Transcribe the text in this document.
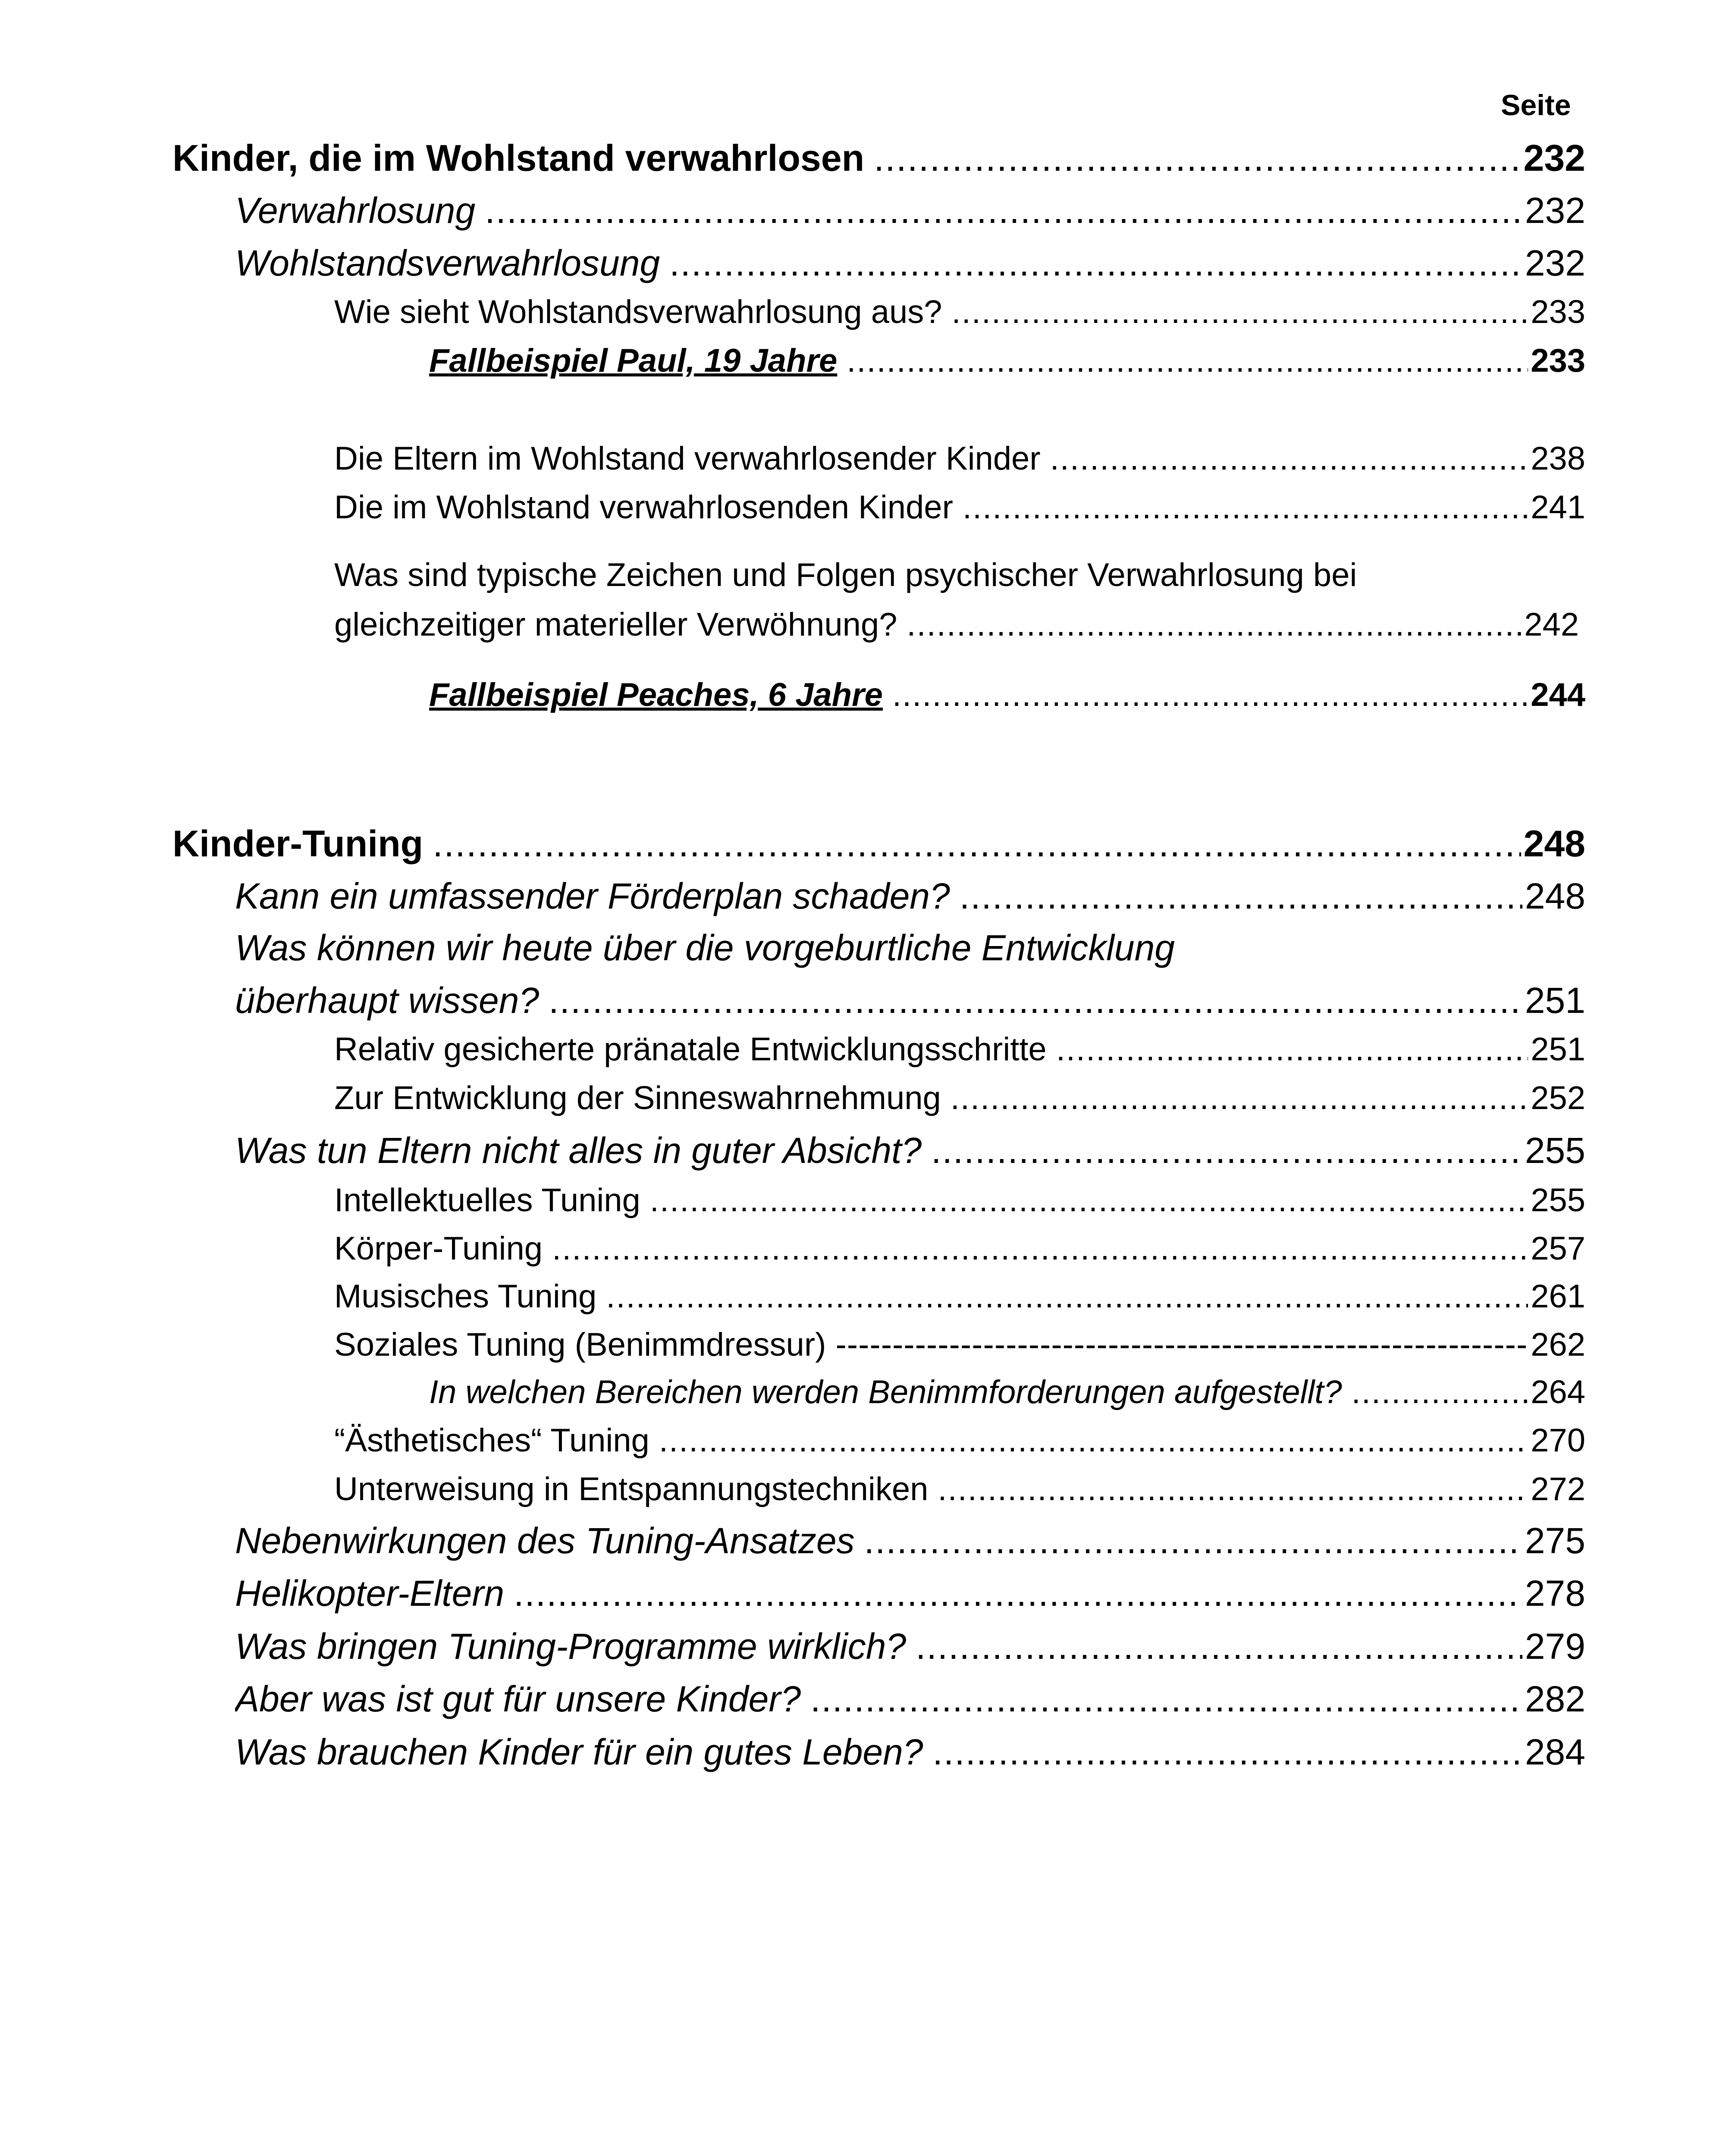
Seite
Kinder, die im Wohlstand verwahrlosen .....	232
Verwahrlosung .....	232
Wohlstandsverwahrlosung .....	232
Wie sieht Wohlstandsverwahrlosung aus? .....	233
Fallbeispiel Paul, 19 Jahre .....	233
Die Eltern im Wohlstand verwahrlosender Kinder .....	238
Die im Wohlstand verwahrlosenden Kinder .....	241
Was sind typische Zeichen und Folgen psychischer Verwahrlosung bei
gleichzeitiger materieller Verwöhnung? .....	242
Fallbeispiel Peaches, 6 Jahre .....	244
Kinder-Tuning .....	248
Kann ein umfassender Förderplan schaden? .....	248
Was können wir heute über die vorgeburtliche Entwicklung
überhaupt wissen? .....	251
Relativ gesicherte pränatale Entwicklungsschritte .....	251
Zur Entwicklung der Sinneswahrnehmung .....	252
Was tun Eltern nicht alles in guter Absicht? .....	255
Intellektuelles Tuning .....	255
Körper-Tuning .....	257
Musisches Tuning .....	261
Soziales Tuning (Benimmdressur) -----	262
In welchen Bereichen werden Benimmforderungen aufgestellt? .....	264
“Ästhetisches“ Tuning .....	270
Unterweisung in Entspannungstechniken .....	272
Nebenwirkungen des Tuning-Ansatzes .....	275
Helikopter-Eltern .....	278
Was bringen Tuning-Programme wirklich? .....	279
Aber was ist gut für unsere Kinder? .....	282
Was brauchen Kinder für ein gutes Leben? .....	284
